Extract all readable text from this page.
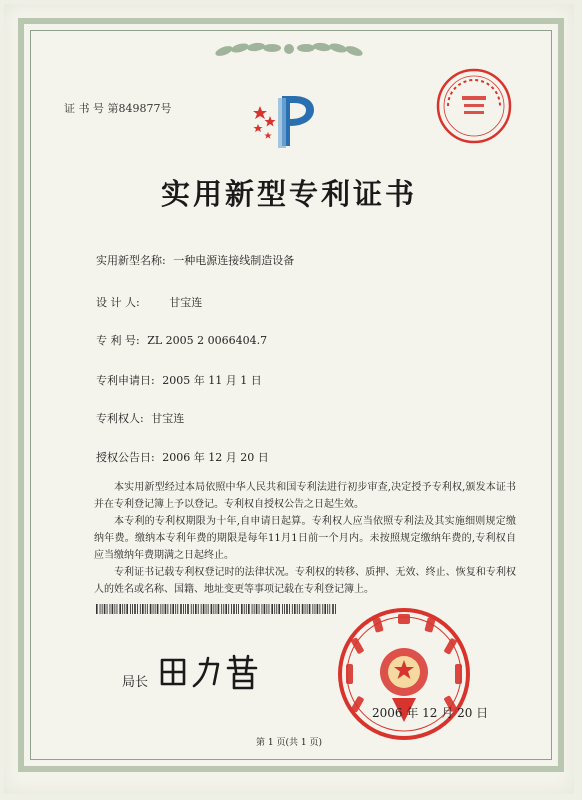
证 书 号 第849877号
实用新型专利证书
实用新型名称: 一种电源连接线制造设备
设 计 人:	甘宝连
专 利 号: ZL 2005 2 0066404.7
专利申请日: 2005 年 11 月 1 日
专利权人: 甘宝连
授权公告日: 2006 年 12 月 20 日

本实用新型经过本局依照中华人民共和国专利法进行初步审查,决定授予专利权,颁发本证书并在专利登记簿上予以登记。专利权自授权公告之日起生效。

本专利的专利权期限为十年,自申请日起算。专利权人应当依照专利法及其实施细则规定缴纳年费。缴纳本专利年费的期限是每年11月1日前一个月内。未按照规定缴纳年费的,专利权自应当缴纳年费期满之日起终止。

专利证书记载专利权登记时的法律状况。专利权的转移、质押、无效、终止、恢复和专利权人的姓名或名称、国籍、地址变更等事项记载在专利登记簿上。

局长
2006 年 12 月 20 日
第 1 页(共 1 页)
